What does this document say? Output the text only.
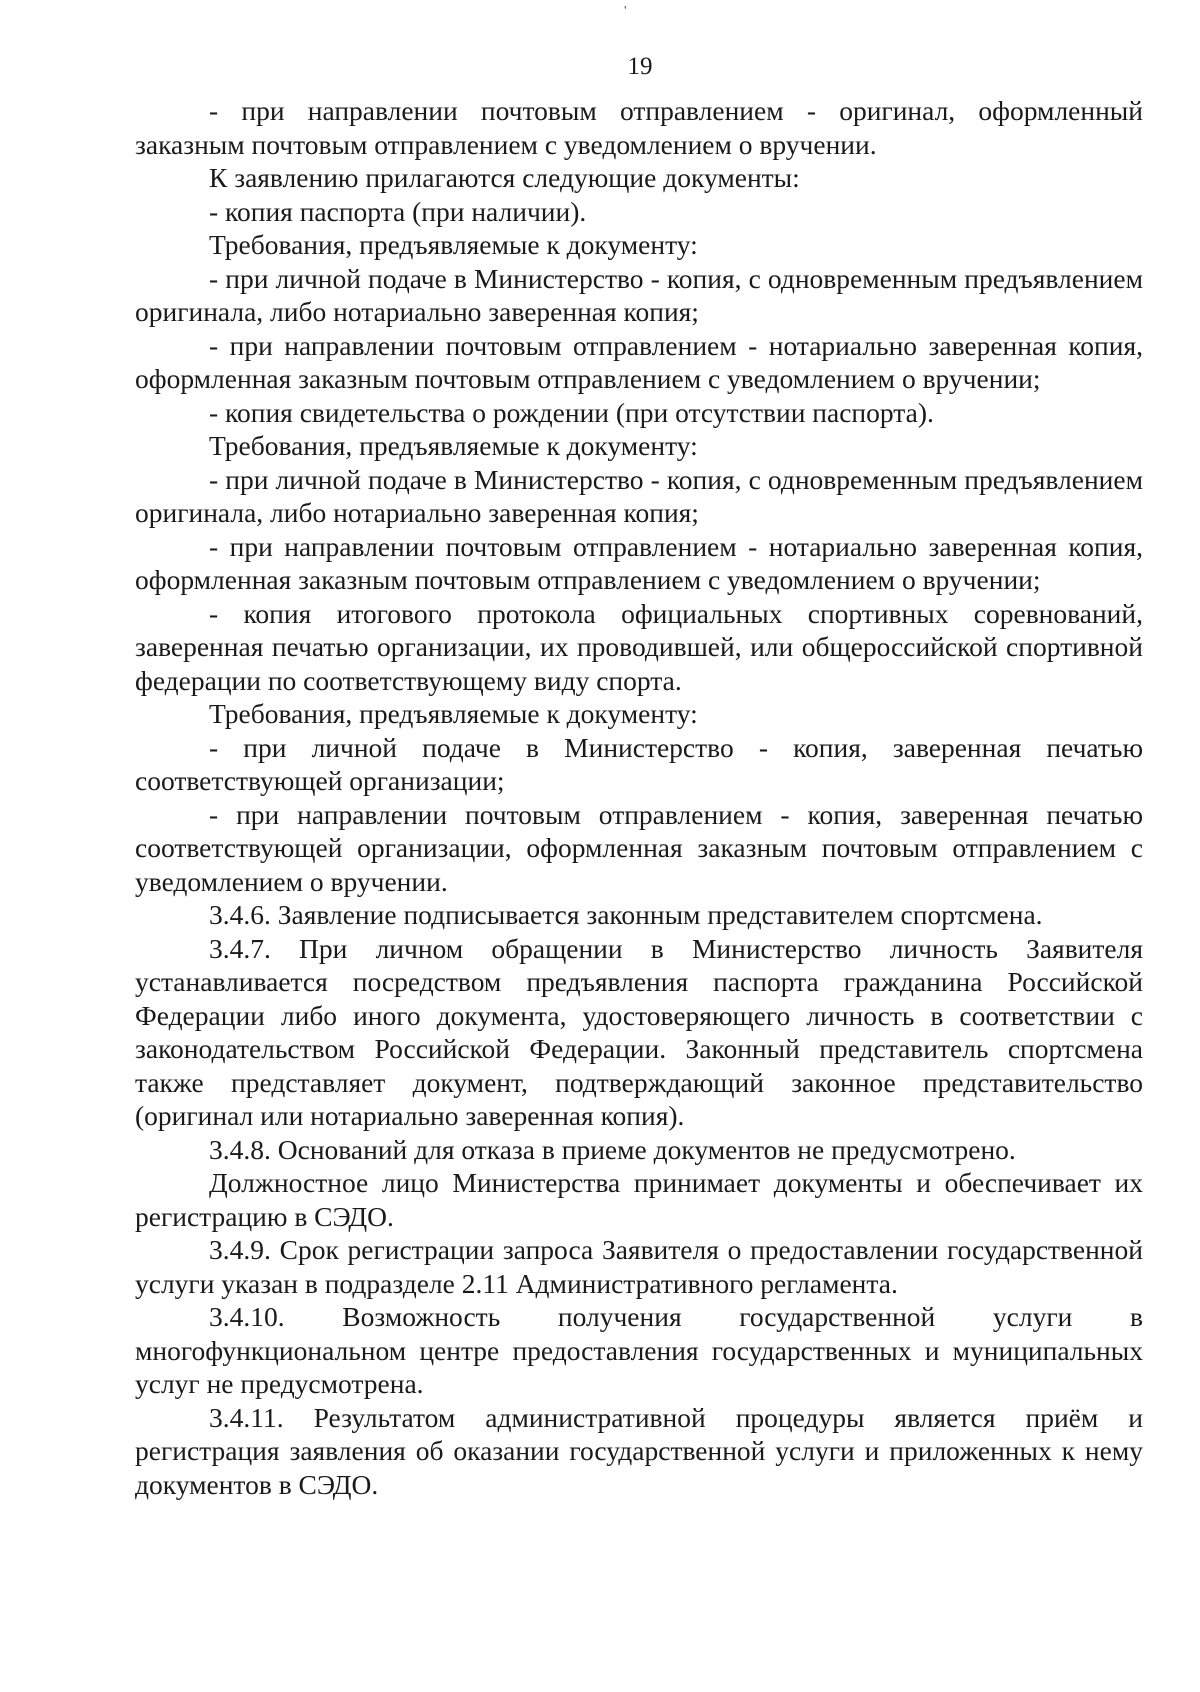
'
19

- при направлении почтовым отправлением - оригинал, оформленный заказным почтовым отправлением с уведомлением о вручении.

К заявлению прилагаются следующие документы:

- копия паспорта (при наличии).

Требования, предъявляемые к документу:

- при личной подаче в Министерство - копия, с одновременным предъявлением оригинала, либо нотариально заверенная копия;

- при направлении почтовым отправлением - нотариально заверенная копия, оформленная заказным почтовым отправлением с уведомлением о вручении;

- копия свидетельства о рождении (при отсутствии паспорта).

Требования, предъявляемые к документу:

- при личной подаче в Министерство - копия, с одновременным предъявлением оригинала, либо нотариально заверенная копия;

- при направлении почтовым отправлением - нотариально заверенная копия, оформленная заказным почтовым отправлением с уведомлением о вручении;

- копия итогового протокола официальных спортивных соревнований, заверенная печатью организации, их проводившей, или общероссийской спортивной федерации по соответствующему виду спорта.

Требования, предъявляемые к документу:

- при личной подаче в Министерство - копия, заверенная печатью соответствующей организации;

- при направлении почтовым отправлением - копия, заверенная печатью соответствующей организации, оформленная заказным почтовым отправлением с уведомлением о вручении.

3.4.6. Заявление подписывается законным представителем спортсмена.

3.4.7. При личном обращении в Министерство личность Заявителя устанавливается посредством предъявления паспорта гражданина Российской Федерации либо иного документа, удостоверяющего личность в соответствии с законодательством Российской Федерации. Законный представитель спортсмена также представляет документ, подтверждающий законное представительство (оригинал или нотариально заверенная копия).

3.4.8. Оснований для отказа в приеме документов не предусмотрено.

Должностное лицо Министерства принимает документы и обеспечивает их регистрацию в СЭДО.

3.4.9. Срок регистрации запроса Заявителя о предоставлении государственной услуги указан в подразделе 2.11 Административного регламента.

3.4.10. Возможность получения государственной услуги в многофункциональном центре предоставления государственных и муниципальных услуг не предусмотрена.

3.4.11. Результатом административной процедуры является приём и регистрация заявления об оказании государственной услуги и приложенных к нему документов в СЭДО.
